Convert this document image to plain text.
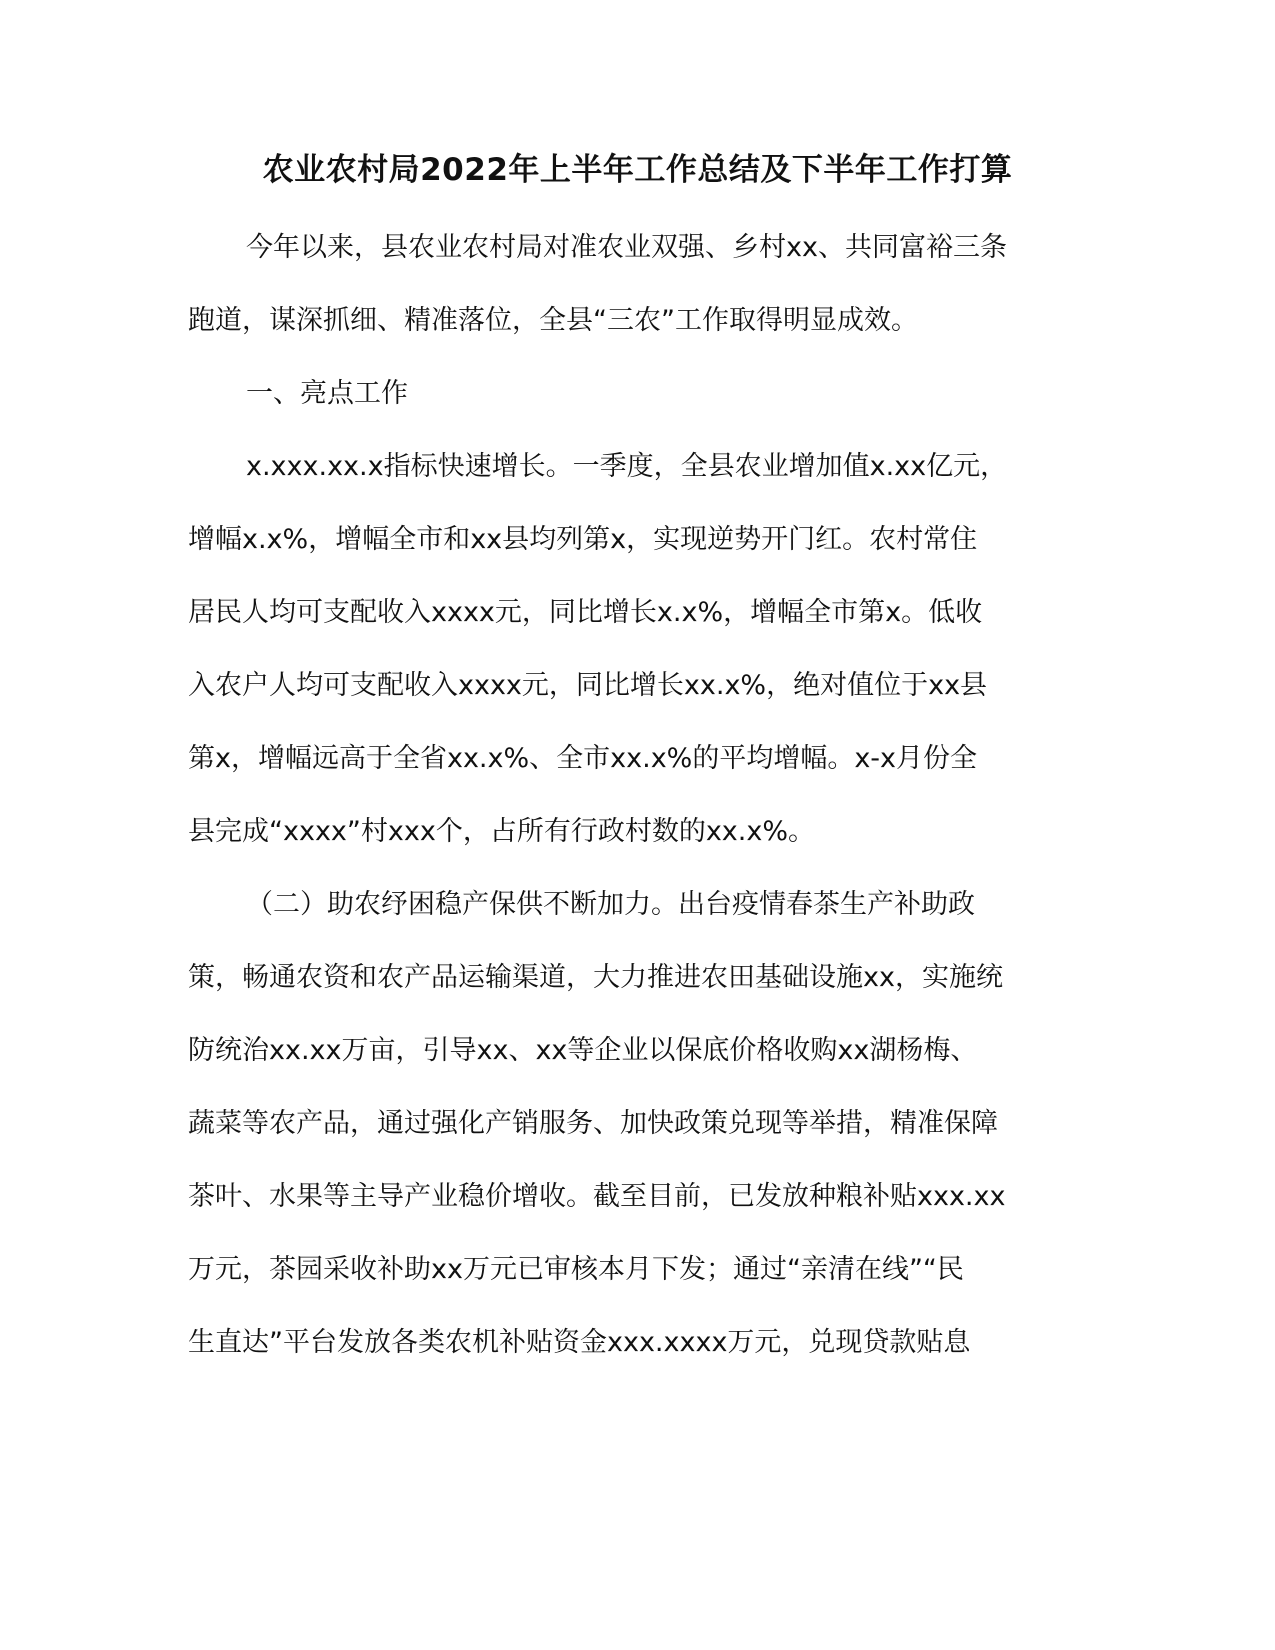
农业农村局2022年上半年工作总结及下半年工作打算
今年以来，县农业农村局对准农业双强、乡村xx、共同富裕三条
跑道，谋深抓细、精准落位，全县“三农”工作取得明显成效。
一、亮点工作
x.xxx.xx.x指标快速增长。一季度，全县农业增加值x.xx亿元，
增幅x.x%，增幅全市和xx县均列第x，实现逆势开门红。农村常住
居民人均可支配收入xxxx元，同比增长x.x%，增幅全市第x。低收
入农户人均可支配收入xxxx元，同比增长xx.x%，绝对值位于xx县
第x，增幅远高于全省xx.x%、全市xx.x%的平均增幅。x-x月份全
县完成“xxxx”村xxx个，占所有行政村数的xx.x%。
（二）助农纾困稳产保供不断加力。出台疫情春茶生产补助政
策，畅通农资和农产品运输渠道，大力推进农田基础设施xx，实施统
防统治xx.xx万亩，引导xx、xx等企业以保底价格收购xx湖杨梅、
蔬菜等农产品，通过强化产销服务、加快政策兑现等举措，精准保障
茶叶、水果等主导产业稳价增收。截至目前，已发放种粮补贴xxx.xx
万元，茶园采收补助xx万元已审核本月下发；通过“亲清在线”“民
生直达”平台发放各类农机补贴资金xxx.xxxx万元，兑现贷款贴息
